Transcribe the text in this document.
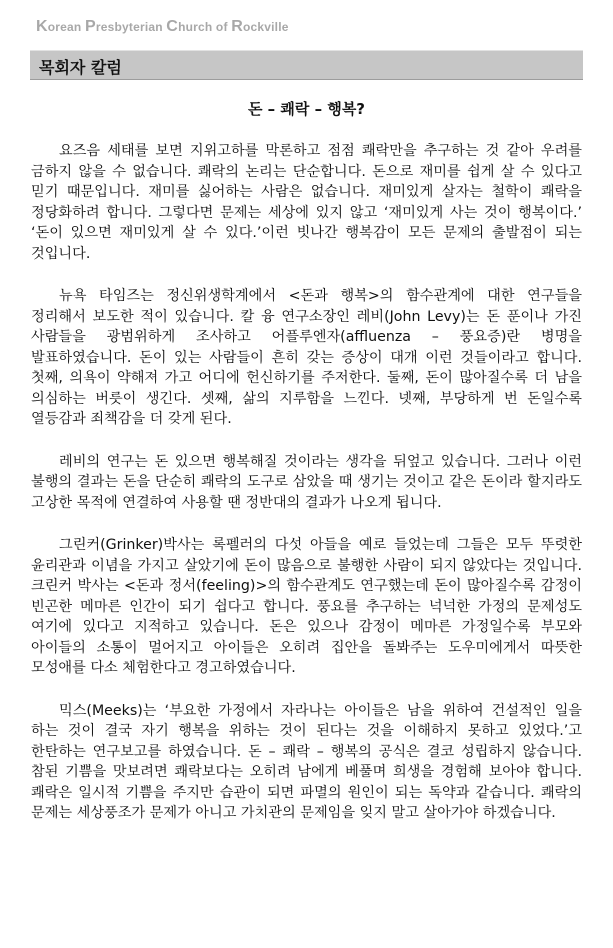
Korean Presbyterian Church of Rockville
목회자 칼럼
돈 – 쾌락 – 행복?

요즈음 세태를 보면 지위고하를 막론하고 점점 쾌락만을 추구하는 것 같아 우려를 금하지 않을 수 없습니다. 쾌락의 논리는 단순합니다. 돈으로 재미를 쉽게 살 수 있다고 믿기 때문입니다. 재미를 싫어하는 사람은 없습니다. 재미있게 살자는 철학이 쾌락을 정당화하려 합니다. 그렇다면 문제는 세상에 있지 않고 ‘재미있게 사는 것이 행복이다.’ ‘돈이 있으면 재미있게 살 수 있다.’이런 빗나간 행복감이 모든 문제의 출발점이 되는 것입니다.

뉴욕 타임즈는 정신위생학계에서 <돈과 행복>의 함수관계에 대한 연구들을 정리해서 보도한 적이 있습니다. 칼 융 연구소장인 레비(John Levy)는 돈 푼이나 가진 사람들을 광범위하게 조사하고 어플루엔자(affluenza – 풍요증)란 병명을 발표하였습니다. 돈이 있는 사람들이 흔히 갖는 증상이 대개 이런 것들이라고 합니다. 첫째, 의욕이 약해져 가고 어디에 헌신하기를 주저한다. 둘째, 돈이 많아질수록 더 남을 의심하는 버릇이 생긴다. 셋째, 삶의 지루함을 느낀다. 넷째, 부당하게 번 돈일수록 열등감과 죄책감을 더 갖게 된다.

레비의 연구는 돈 있으면 행복해질 것이라는 생각을 뒤엎고 있습니다. 그러나 이런 불행의 결과는 돈을 단순히 쾌락의 도구로 삼았을 때 생기는 것이고 같은 돈이라 할지라도 고상한 목적에 연결하여 사용할 땐 정반대의 결과가 나오게 됩니다.

그린커(Grinker)박사는 록펠러의 다섯 아들을 예로 들었는데 그들은 모두 뚜렷한 윤리관과 이념을 가지고 살았기에 돈이 많음으로 불행한 사람이 되지 않았다는 것입니다. 크린커 박사는 <돈과 정서(feeling)>의 함수관계도 연구했는데 돈이 많아질수록 감정이 빈곤한 메마른 인간이 되기 쉽다고 합니다. 풍요를 추구하는 넉넉한 가정의 문제성도 여기에 있다고 지적하고 있습니다. 돈은 있으나 감정이 메마른 가정일수록 부모와 아이들의 소통이 멀어지고 아이들은 오히려 집안을 돌봐주는 도우미에게서 따뜻한 모성애를 다소 체험한다고 경고하였습니다.

믹스(Meeks)는 ‘부요한 가정에서 자라나는 아이들은 남을 위하여 건설적인 일을 하는 것이 결국 자기 행복을 위하는 것이 된다는 것을 이해하지 못하고 있었다.’고 한탄하는 연구보고를 하였습니다. 돈 – 쾌락 – 행복의 공식은 결코 성립하지 않습니다. 참된 기쁨을 맛보려면 쾌락보다는 오히려 남에게 베풀며 희생을 경험해 보아야 합니다. 쾌락은 일시적 기쁨을 주지만 습관이 되면 파멸의 원인이 되는 독약과 같습니다. 쾌락의 문제는 세상풍조가 문제가 아니고 가치관의 문제임을 잊지 말고 살아가야 하겠습니다.
